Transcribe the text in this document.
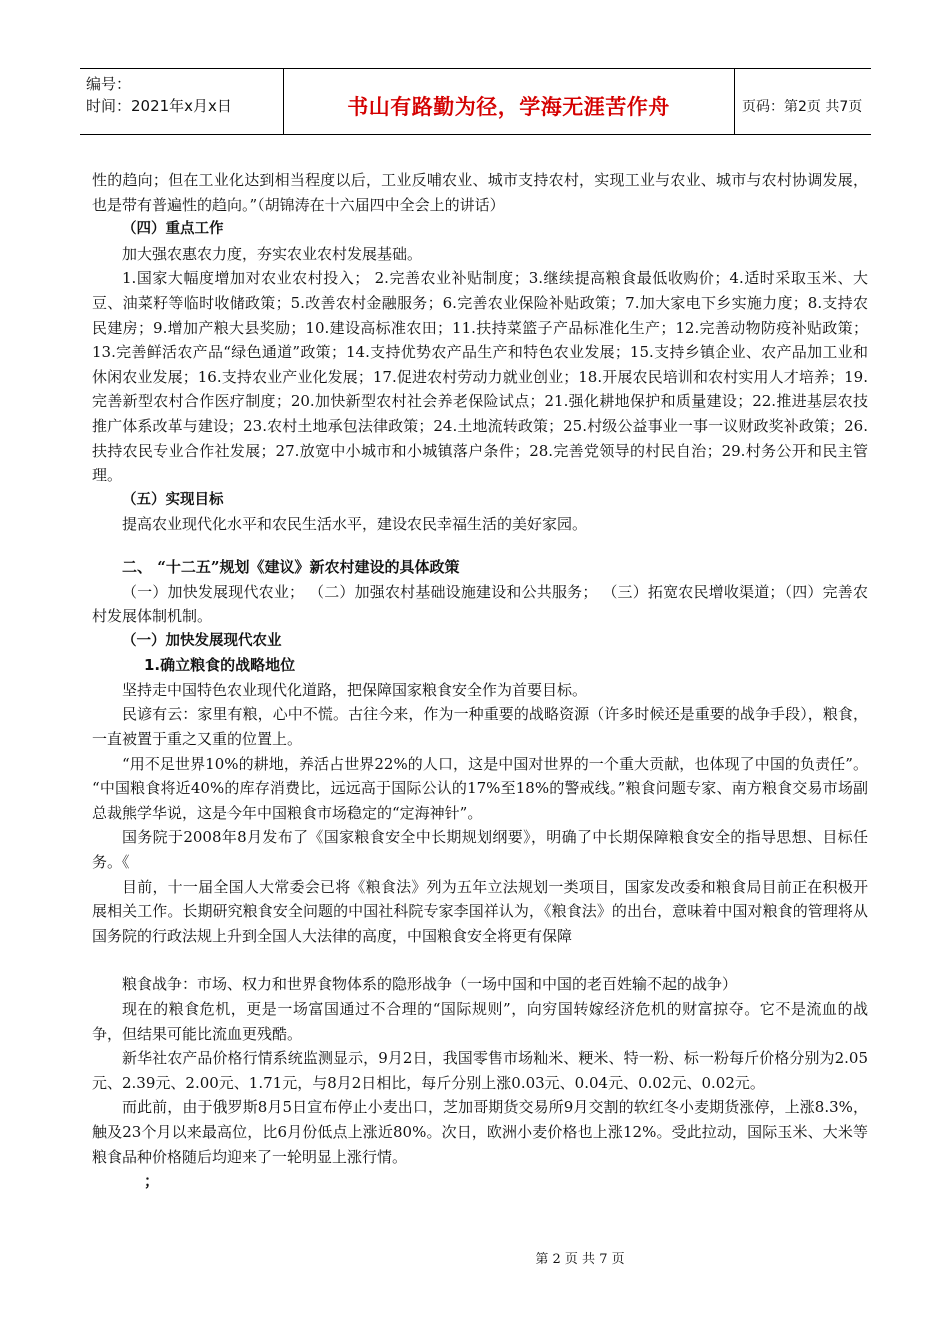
编号：
时间：2021年x月x日	书山有路勤为径，学海无涯苦作舟	页码：第2页 共7页

性的趋向；但在工业化达到相当程度以后，工业反哺农业、城市支持农村，实现工业与农业、城市与农村协调发展，也是带有普遍性的趋向。”（胡锦涛在十六届四中全会上的讲话）

（四）重点工作

加大强农惠农力度，夯实农业农村发展基础。

1.国家大幅度增加对农业农村投入； 2.完善农业补贴制度；3.继续提高粮食最低收购价；4.适时采取玉米、大豆、油菜籽等临时收储政策；5.改善农村金融服务；6.完善农业保险补贴政策；7.加大家电下乡实施力度；8.支持农民建房；9.增加产粮大县奖励；10.建设高标准农田；11.扶持菜篮子产品标准化生产；12.完善动物防疫补贴政策；13.完善鲜活农产品“绿色通道”政策；14.支持优势农产品生产和特色农业发展；15.支持乡镇企业、农产品加工业和休闲农业发展；16.支持农业产业化发展；17.促进农村劳动力就业创业；18.开展农民培训和农村实用人才培养；19.完善新型农村合作医疗制度；20.加快新型农村社会养老保险试点；21.强化耕地保护和质量建设；22.推进基层农技推广体系改革与建设；23.农村土地承包法律政策；24.土地流转政策；25.村级公益事业一事一议财政奖补政策；26.扶持农民专业合作社发展；27.放宽中小城市和小城镇落户条件；28.完善党领导的村民自治；29.村务公开和民主管理。

（五）实现目标

提高农业现代化水平和农民生活水平，建设农民幸福生活的美好家园。

二、 “十二五”规划《建议》新农村建设的具体政策

（一）加快发展现代农业； （二）加强农村基础设施建设和公共服务； （三）拓宽农民增收渠道；（四）完善农村发展体制机制。

（一）加快发展现代农业

1.确立粮食的战略地位

坚持走中国特色农业现代化道路，把保障国家粮食安全作为首要目标。

民谚有云：家里有粮，心中不慌。古往今来，作为一种重要的战略资源（许多时候还是重要的战争手段），粮食，一直被置于重之又重的位置上。

“用不足世界10%的耕地，养活占世界22%的人口，这是中国对世界的一个重大贡献，也体现了中国的负责任”。 “中国粮食将近40%的库存消费比，远远高于国际公认的17%至18%的警戒线。”粮食问题专家、南方粮食交易市场副总裁熊学华说，这是今年中国粮食市场稳定的“定海神针”。

国务院于2008年8月发布了《国家粮食安全中长期规划纲要》，明确了中长期保障粮食安全的指导思想、目标任务。《

目前，十一届全国人大常委会已将《粮食法》列为五年立法规划一类项目，国家发改委和粮食局目前正在积极开展相关工作。长期研究粮食安全问题的中国社科院专家李国祥认为，《粮食法》的出台，意味着中国对粮食的管理将从国务院的行政法规上升到全国人大法律的高度，中国粮食安全将更有保障

粮食战争：市场、权力和世界食物体系的隐形战争（一场中国和中国的老百姓输不起的战争）

现在的粮食危机，更是一场富国通过不合理的“国际规则”，向穷国转嫁经济危机的财富掠夺。它不是流血的战争，但结果可能比流血更残酷。

新华社农产品价格行情系统监测显示，9月2日，我国零售市场籼米、粳米、特一粉、标一粉每斤价格分别为2.05元、2.39元、2.00元、1.71元，与8月2日相比，每斤分别上涨0.03元、0.04元、0.02元、0.02元。

而此前，由于俄罗斯8月5日宣布停止小麦出口，芝加哥期货交易所9月交割的软红冬小麦期货涨停，上涨8.3%，触及23个月以来最高位，比6月份低点上涨近80%。次日，欧洲小麦价格也上涨12%。受此拉动，国际玉米、大米等粮食品种价格随后均迎来了一轮明显上涨行情。

；

第 2 页 共 7 页
